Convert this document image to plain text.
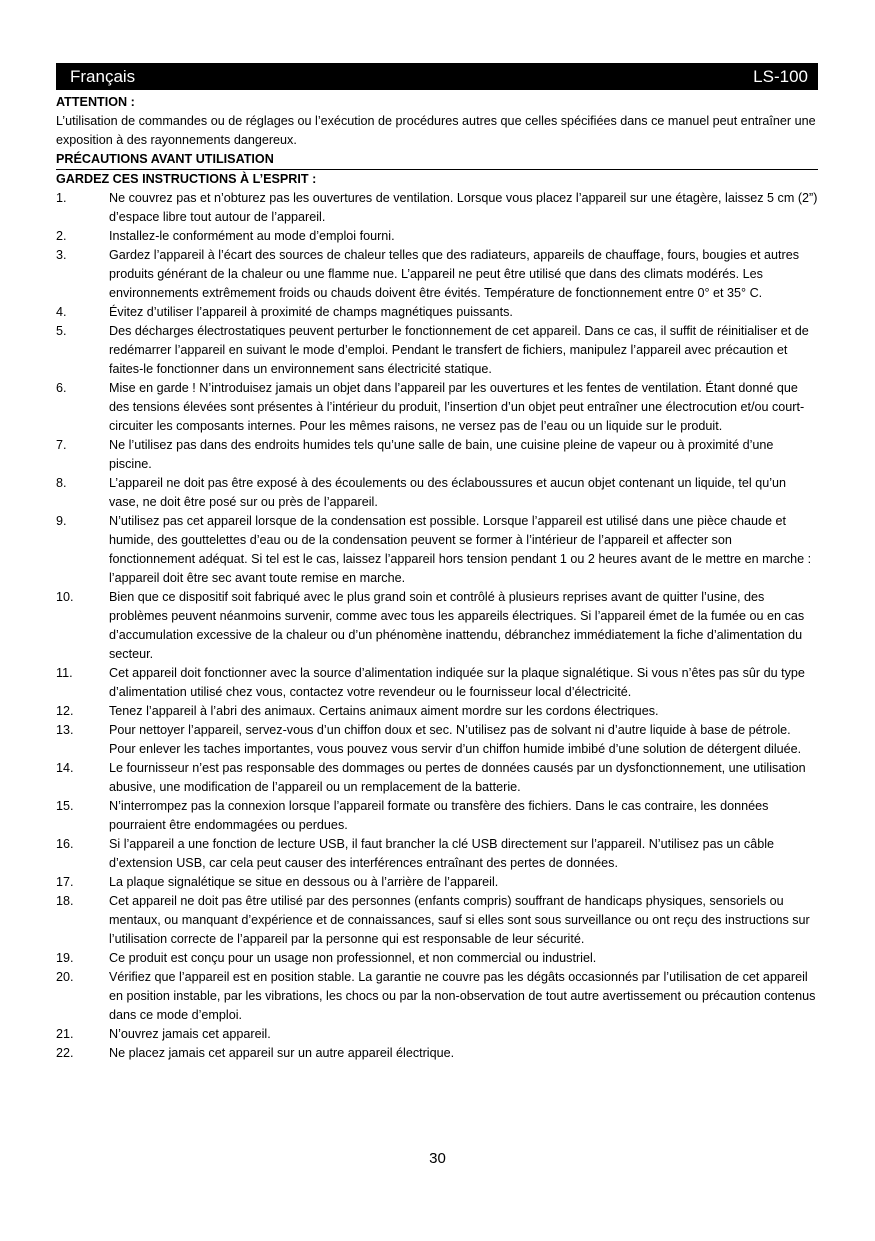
Français	LS-100
ATTENTION :
L’utilisation de commandes ou de réglages ou l’exécution de procédures autres que celles spécifiées dans ce manuel peut entraîner une exposition à des rayonnements dangereux.
PRÉCAUTIONS AVANT UTILISATION
GARDEZ CES INSTRUCTIONS À L’ESPRIT :
1.	Ne couvrez pas et n’obturez pas les ouvertures de ventilation. Lorsque vous placez l’appareil sur une étagère, laissez 5 cm (2”) d’espace libre tout autour de l’appareil.
2.	Installez-le conformément au mode d’emploi fourni.
3.	Gardez l’appareil à l’écart des sources de chaleur telles que des radiateurs, appareils de chauffage, fours, bougies et autres produits générant de la chaleur ou une flamme nue. L’appareil ne peut être utilisé que dans des climats modérés. Les environnements extrêmement froids ou chauds doivent être évités. Température de fonctionnement entre 0° et 35° C.
4.	Évitez d’utiliser l’appareil à proximité de champs magnétiques puissants.
5.	Des décharges électrostatiques peuvent perturber le fonctionnement de cet appareil. Dans ce cas, il suffit de réinitialiser et de redémarrer l’appareil en suivant le mode d’emploi. Pendant le transfert de fichiers, manipulez l’appareil avec précaution et faites-le fonctionner dans un environnement sans électricité statique.
6.	Mise en garde ! N’introduisez jamais un objet dans l’appareil par les ouvertures et les fentes de ventilation. Étant donné que des tensions élevées sont présentes à l’intérieur du produit, l’insertion d’un objet peut entraîner une électrocution et/ou court-circuiter les composants internes. Pour les mêmes raisons, ne versez pas de l’eau ou un liquide sur le produit.
7.	Ne l’utilisez pas dans des endroits humides tels qu’une salle de bain, une cuisine pleine de vapeur ou à proximité d’une piscine.
8.	L’appareil ne doit pas être exposé à des écoulements ou des éclaboussures et aucun objet contenant un liquide, tel qu’un vase, ne doit être posé sur ou près de l’appareil.
9.	N’utilisez pas cet appareil lorsque de la condensation est possible. Lorsque l’appareil est utilisé dans une pièce chaude et humide, des gouttelettes d’eau ou de la condensation peuvent se former à l’intérieur de l’appareil et affecter son fonctionnement adéquat. Si tel est le cas, laissez l’appareil hors tension pendant 1 ou 2 heures avant de le mettre en marche : l’appareil doit être sec avant toute remise en marche.
10.	Bien que ce dispositif soit fabriqué avec le plus grand soin et contrôlé à plusieurs reprises avant de quitter l’usine, des problèmes peuvent néanmoins survenir, comme avec tous les appareils électriques. Si l’appareil émet de la fumée ou en cas d’accumulation excessive de la chaleur ou d’un phénomène inattendu, débranchez immédiatement la fiche d’alimentation du secteur.
11.	Cet appareil doit fonctionner avec la source d’alimentation indiquée sur la plaque signalétique. Si vous n’êtes pas sûr du type d’alimentation utilisé chez vous, contactez votre revendeur ou le fournisseur local d’électricité.
12.	Tenez l’appareil à l’abri des animaux. Certains animaux aiment mordre sur les cordons électriques.
13.	Pour nettoyer l’appareil, servez-vous d’un chiffon doux et sec. N’utilisez pas de solvant ni d’autre liquide à base de pétrole. Pour enlever les taches importantes, vous pouvez vous servir d’un chiffon humide imbibé d’une solution de détergent diluée.
14.	Le fournisseur n’est pas responsable des dommages ou pertes de données causés par un dysfonctionnement, une utilisation abusive, une modification de l’appareil ou un remplacement de la batterie.
15.	N’interrompez pas la connexion lorsque l’appareil formate ou transfère des fichiers. Dans le cas contraire, les données pourraient être endommagées ou perdues.
16.	Si l’appareil a une fonction de lecture USB, il faut brancher la clé USB directement sur l’appareil. N’utilisez pas un câble d’extension USB, car cela peut causer des interférences entraînant des pertes de données.
17.	La plaque signalétique se situe en dessous ou à l’arrière de l’appareil.
18.	Cet appareil ne doit pas être utilisé par des personnes (enfants compris) souffrant de handicaps physiques, sensoriels ou mentaux, ou manquant d’expérience et de connaissances, sauf si elles sont sous surveillance ou ont reçu des instructions sur l’utilisation correcte de l’appareil par la personne qui est responsable de leur sécurité.
19.	Ce produit est conçu pour un usage non professionnel, et non commercial ou industriel.
20.	Vérifiez que l’appareil est en position stable. La garantie ne couvre pas les dégâts occasionnés par l’utilisation de cet appareil en position instable, par les vibrations, les chocs ou par la non-observation de tout autre avertissement ou précaution contenus dans ce mode d’emploi.
21.	N’ouvrez jamais cet appareil.
22.	Ne placez jamais cet appareil sur un autre appareil électrique.
30
